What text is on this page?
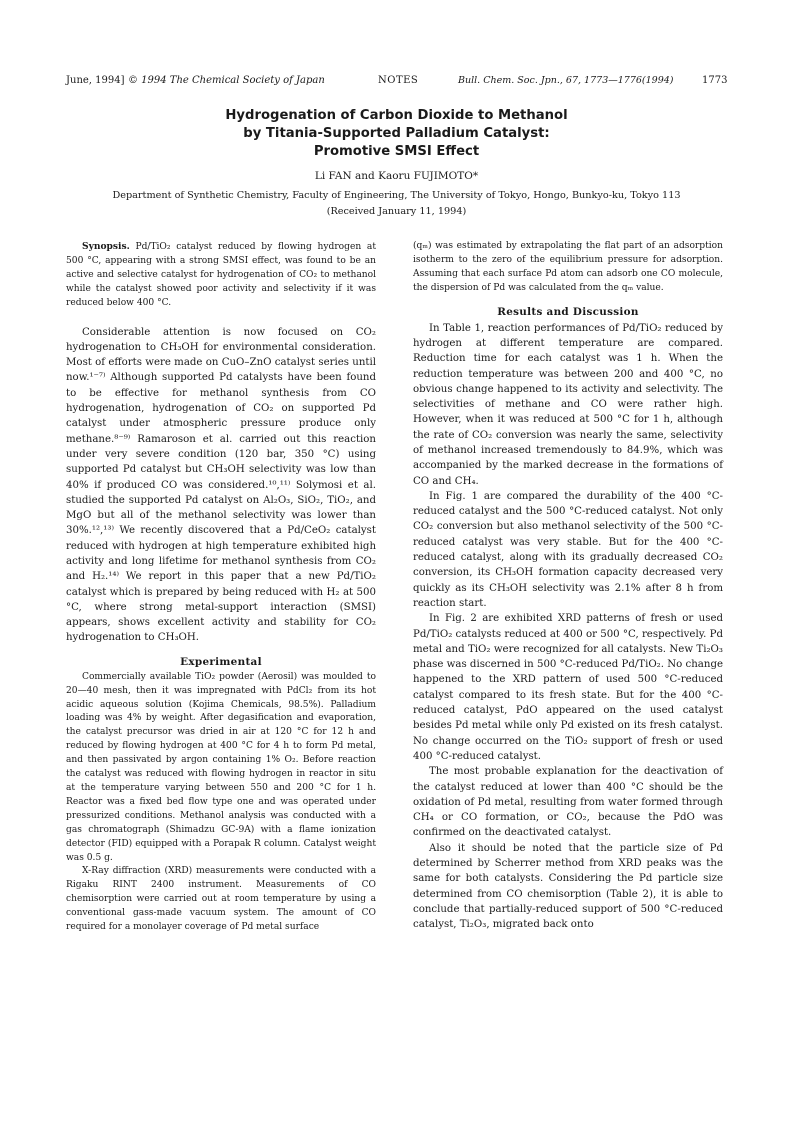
June, 1994] © 1994 The Chemical Society of Japan	NOTES	Bull. Chem. Soc. Jpn., 67, 1773—1776(1994)	1773
Hydrogenation of Carbon Dioxide to Methanol
by Titania-Supported Palladium Catalyst:
Promotive SMSI Effect
Li FAN and Kaoru FUJIMOTO*
Department of Synthetic Chemistry, Faculty of Engineering, The University of Tokyo, Hongo, Bunkyo-ku, Tokyo 113
(Received January 11, 1994)

Synopsis. Pd/TiO₂ catalyst reduced by flowing hydrogen at 500 °C, appearing with a strong SMSI effect, was found to be an active and selective catalyst for hydrogenation of CO₂ to methanol while the catalyst showed poor activity and selectivity if it was reduced below 400 °C.

Considerable attention is now focused on CO₂ hydrogenation to CH₃OH for environmental consideration. Most of efforts were made on CuO–ZnO catalyst series until now.¹⁻⁷⁾ Although supported Pd catalysts have been found to be effective for methanol synthesis from CO hydrogenation, hydrogenation of CO₂ on supported Pd catalyst under atmospheric pressure produce only methane.⁸⁻⁹⁾ Ramaroson et al. carried out this reaction under very severe condition (120 bar, 350 °C) using supported Pd catalyst but CH₃OH selectivity was low than 40% if produced CO was considered.¹⁰,¹¹⁾ Solymosi et al. studied the supported Pd catalyst on Al₂O₃, SiO₂, TiO₂, and MgO but all of the methanol selectivity was lower than 30%.¹²,¹³⁾ We recently discovered that a Pd/CeO₂ catalyst reduced with hydrogen at high temperature exhibited high activity and long lifetime for methanol synthesis from CO₂ and H₂.¹⁴⁾ We report in this paper that a new Pd/TiO₂ catalyst which is prepared by being reduced with H₂ at 500 °C, where strong metal-support interaction (SMSI) appears, shows excellent activity and stability for CO₂ hydrogenation to CH₃OH.

Experimental

Commercially available TiO₂ powder (Aerosil) was moulded to 20—40 mesh, then it was impregnated with PdCl₂ from its hot acidic aqueous solution (Kojima Chemicals, 98.5%). Palladium loading was 4% by weight. After degasification and evaporation, the catalyst precursor was dried in air at 120 °C for 12 h and reduced by flowing hydrogen at 400 °C for 4 h to form Pd metal, and then passivated by argon containing 1% O₂. Before reaction the catalyst was reduced with flowing hydrogen in reactor in situ at the temperature varying between 550 and 200 °C for 1 h. Reactor was a fixed bed flow type one and was operated under pressurized conditions. Methanol analysis was conducted with a gas chromatograph (Shimadzu GC-9A) with a flame ionization detector (FID) equipped with a Porapak R column. Catalyst weight was 0.5 g.

X-Ray diffraction (XRD) measurements were conducted with a Rigaku RINT 2400 instrument. Measurements of CO chemisorption were carried out at room temperature by using a conventional gass-made vacuum system. The amount of CO required for a monolayer coverage of Pd metal surface

(qₘ) was estimated by extrapolating the flat part of an adsorption isotherm to the zero of the equilibrium pressure for adsorption. Assuming that each surface Pd atom can adsorb one CO molecule, the dispersion of Pd was calculated from the qₘ value.

Results and Discussion

In Table 1, reaction performances of Pd/TiO₂ reduced by hydrogen at different temperature are compared. Reduction time for each catalyst was 1 h. When the reduction temperature was between 200 and 400 °C, no obvious change happened to its activity and selectivity. The selectivities of methane and CO were rather high. However, when it was reduced at 500 °C for 1 h, although the rate of CO₂ conversion was nearly the same, selectivity of methanol increased tremendously to 84.9%, which was accompanied by the marked decrease in the formations of CO and CH₄.

In Fig. 1 are compared the durability of the 400 °C-reduced catalyst and the 500 °C-reduced catalyst. Not only CO₂ conversion but also methanol selectivity of the 500 °C-reduced catalyst was very stable. But for the 400 °C-reduced catalyst, along with its gradually decreased CO₂ conversion, its CH₃OH formation capacity decreased very quickly as its CH₃OH selectivity was 2.1% after 8 h from reaction start.

In Fig. 2 are exhibited XRD patterns of fresh or used Pd/TiO₂ catalysts reduced at 400 or 500 °C, respectively. Pd metal and TiO₂ were recognized for all catalysts. New Ti₂O₃ phase was discerned in 500 °C-reduced Pd/TiO₂. No change happened to the XRD pattern of used 500 °C-reduced catalyst compared to its fresh state. But for the 400 °C-reduced catalyst, PdO appeared on the used catalyst besides Pd metal while only Pd existed on its fresh catalyst. No change occurred on the TiO₂ support of fresh or used 400 °C-reduced catalyst.

The most probable explanation for the deactivation of the catalyst reduced at lower than 400 °C should be the oxidation of Pd metal, resulting from water formed through CH₄ or CO formation, or CO₂, because the PdO was confirmed on the deactivated catalyst.

Also it should be noted that the particle size of Pd determined by Scherrer method from XRD peaks was the same for both catalysts. Considering the Pd particle size determined from CO chemisorption (Table 2), it is able to conclude that partially-reduced support of 500 °C-reduced catalyst, Ti₂O₃, migrated back onto
